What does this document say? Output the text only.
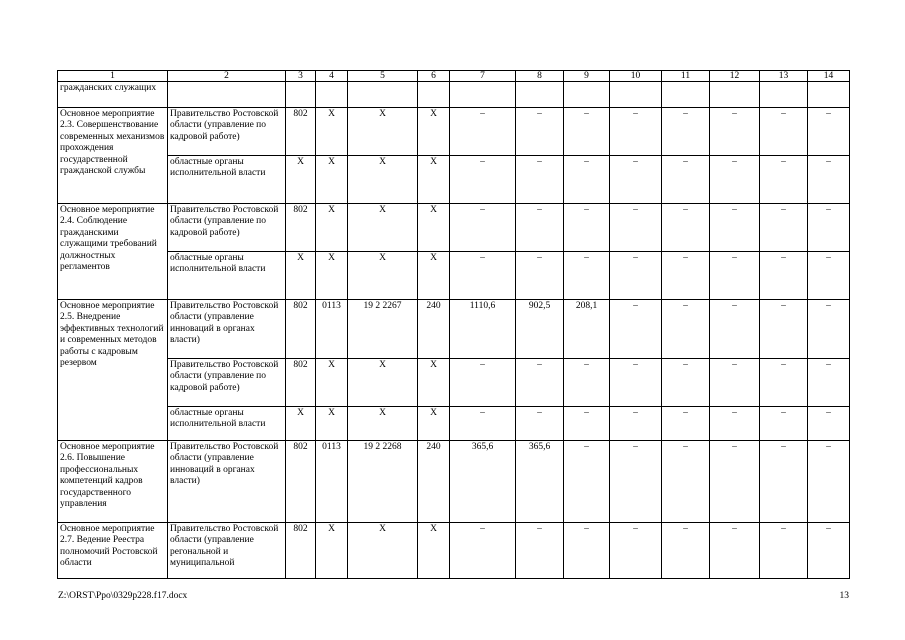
1	2	3	4	5	6	7	8	9	10	11	12	13	14
гражданских служащих													
Основное мероприятие 2.3. Совершенствование современных механизмов прохождения государственной гражданской службы	Правительство Ростовской области (управление по кадровой работе)	802	Х	Х	Х	–	–	–	–	–	–	–	–
	областные органы исполнительной власти	Х	Х	Х	Х	–	–	–	–	–	–	–	–
Основное мероприятие 2.4. Соблюдение гражданскими служащими требований должностных регламентов	Правительство Ростовской области (управление по кадровой работе)	802	Х	Х	Х	–	–	–	–	–	–	–	–
	областные органы исполнительной власти	Х	Х	Х	Х	–	–	–	–	–	–	–	–
Основное мероприятие 2.5. Внедрение эффективных технологий и современных методов работы с кадровым резервом	Правительство Ростовской области (управление инноваций в органах власти)	802	0113	19 2 2267	240	1110,6	902,5	208,1	–	–	–	–	–
	Правительство Ростовской области (управление по кадровой работе)	802	Х	Х	Х	–	–	–	–	–	–	–	–
	областные органы исполнительной власти	Х	Х	Х	Х	–	–	–	–	–	–	–	–
Основное мероприятие 2.6. Повышение профессиональных компетенций кадров государственного управления	Правительство Ростовской области (управление инноваций в органах власти)	802	0113	19 2 2268	240	365,6	365,6	–	–	–	–	–	–
Основное мероприятие 2.7. Ведение Реестра полномочий Ростовской области	Правительство Ростовской области (управление регональной и муниципальной	802	Х	Х	Х	–	–	–	–	–	–	–	–
Z:\ORST\Ppo\0329p228.f17.docx	13
